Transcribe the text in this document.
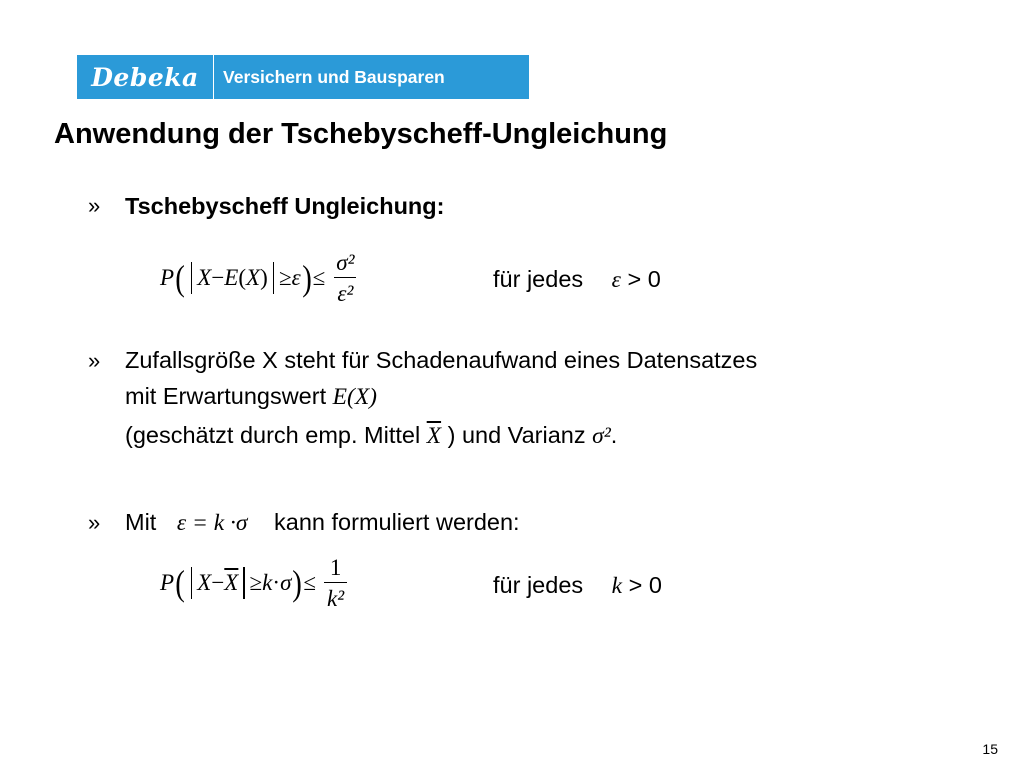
Debeka	Versichern und Bausparen
Anwendung der Tschebyscheff-Ungleichung
» Tschebyscheff Ungleichung:
P ( X − E ( X ) ≥ ε ) ≤ $\frac{\text{σ²}}{\text{ε²}}$	für jedes ε > 0
» Zufallsgröße X steht für Schadenaufwand eines Datensatzes
mit Erwartungswert E(X)
(geschätzt durch emp. Mittel $\overline{X}$ ) und Varianz σ².
» Mit ε = k ·σ kann formuliert werden:
P ( $X - \overline{X} \ge k \cdot \sigma$ ) ≤ $\frac{1}{\text{k²}}$	für jedes k > 0
15
